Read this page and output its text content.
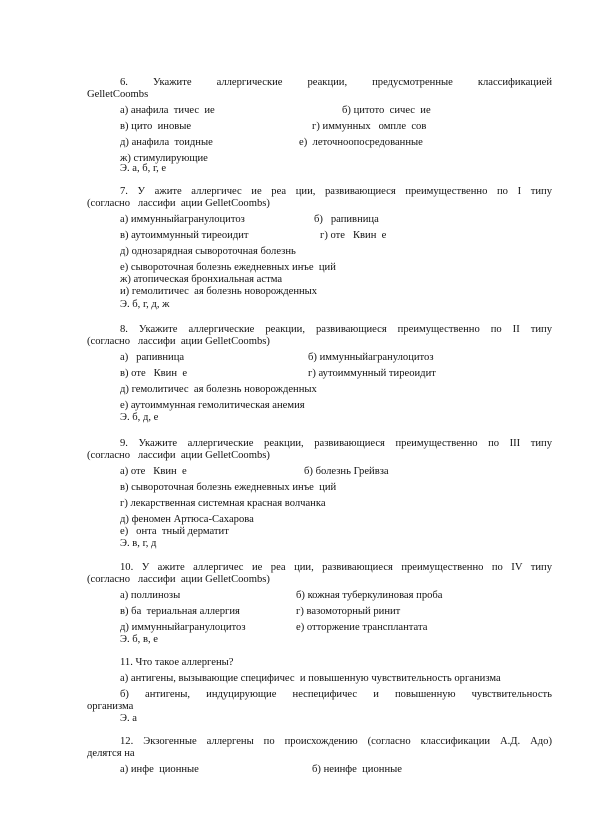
6. Укажите аллергические реакции, предусмотренные классификацией
GelletCoombs
а) анафила  тичес  ие	б) цитото  сичес  ие
в) цито  иновые	г) иммунных   омпле  сов
д) анафила  тоидные	е)  леточноопосредованные
ж) стимулирующие
Э. а, б, г, е
7. У ажите аллергичес ие реа ции, развивающиеся преимущественно по I типу
(согласно   лассифи  ации GelletCoombs)
а) иммунныйагранулоцитоз	б)   рапивница
в) аутоиммунный тиреоидит	г) оте   Квин  е
д) однозарядная сывороточная болезнь
е) сывороточная болезнь ежедневных инъе  ций
ж) атопическая бронхиальная астма
и) гемолитичес  ая болезнь новорожденных
Э. б, г, д, ж
8. Укажите аллергические реакции, развивающиеся преимущественно по II типу
(согласно   лассифи  ации GelletCoombs)
а)   рапивница	б) иммунныйагранулоцитоз
в) оте   Квин  е	г) аутоиммунный тиреоидит
д) гемолитичес  ая болезнь новорожденных
е) аутоиммунная гемолитическая анемия
Э. б, д, е
9. Укажите аллергические реакции, развивающиеся преимущественно по III типу
(согласно   лассифи  ации GelletCoombs)
а) оте   Квин  е	б) болезнь Грейвза
в) сывороточная болезнь ежедневных инъе  ций
г) лекарственная системная красная волчанка
д) феномен Артюса-Сахарова
е)   онта  тный дерматит
Э. в, г, д
10. У ажите аллергичес ие реа ции, развивающиеся преимущественно по IV типу
(согласно   лассифи  ации GelletCoombs)
а) поллинозы	б) кожная туберкулиновая проба
в) ба  териальная аллергия	г) вазомоторный ринит
д) иммунныйагранулоцитоз	е) отторжение трансплантата
Э. б, в, е
11. Что такое аллергены?
а) антигены, вызывающие специфичес  и повышенную чувствительность организма
б) антигены, индуцирующие неспецифичес и повышенную чувствительность
организма
Э. а
12. Экзогенные аллергены по происхождению (согласно классификации А.Д. Адо)
делятся на
а) инфе  ционные	б) неинфе  ционные
